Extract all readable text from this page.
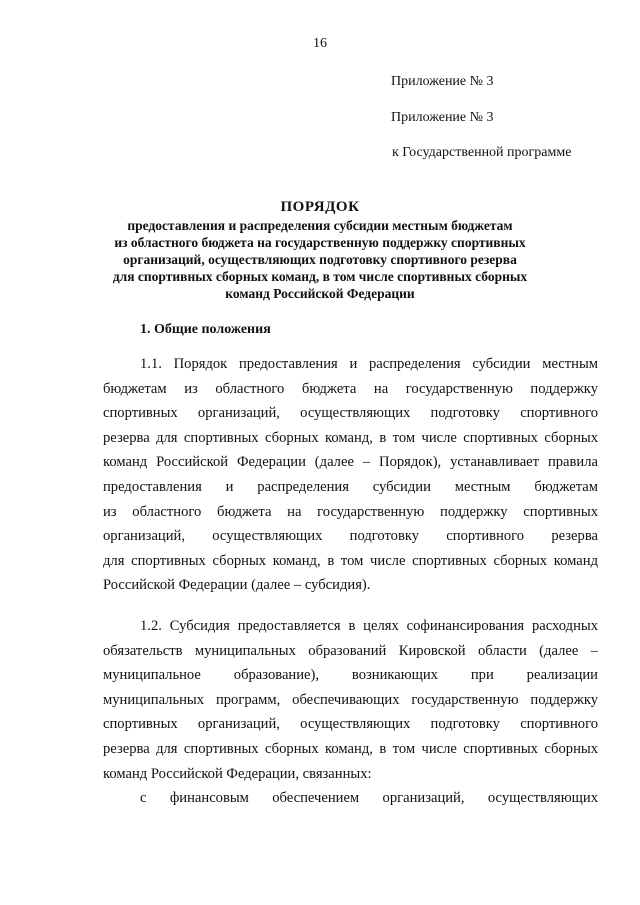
16
Приложение № 3
Приложение № 3
к Государственной программе
ПОРЯДОК
предоставления и распределения субсидии местным бюджетам
из областного бюджета на государственную поддержку спортивных
организаций, осуществляющих подготовку спортивного резерва
для спортивных сборных команд, в том числе спортивных сборных
команд Российской Федерации
1. Общие положения
1.1. Порядок предоставления и распределения субсидии местным
бюджетам из областного бюджета на государственную поддержку
спортивных организаций, осуществляющих подготовку спортивного
резерва для спортивных сборных команд, в том числе спортивных сборных
команд Российской Федерации (далее – Порядок), устанавливает правила
предоставления и распределения субсидии местным бюджетам
из областного бюджета на государственную поддержку спортивных
организаций, осуществляющих подготовку спортивного резерва
для спортивных сборных команд, в том числе спортивных сборных команд
Российской Федерации (далее – субсидия).
1.2. Субсидия предоставляется в целях софинансирования расходных
обязательств муниципальных образований Кировской области (далее –
муниципальное образование), возникающих при реализации
муниципальных программ, обеспечивающих государственную поддержку
спортивных организаций, осуществляющих подготовку спортивного
резерва для спортивных сборных команд, в том числе спортивных сборных
команд Российской Федерации, связанных:
с финансовым обеспечением организаций, осуществляющих
